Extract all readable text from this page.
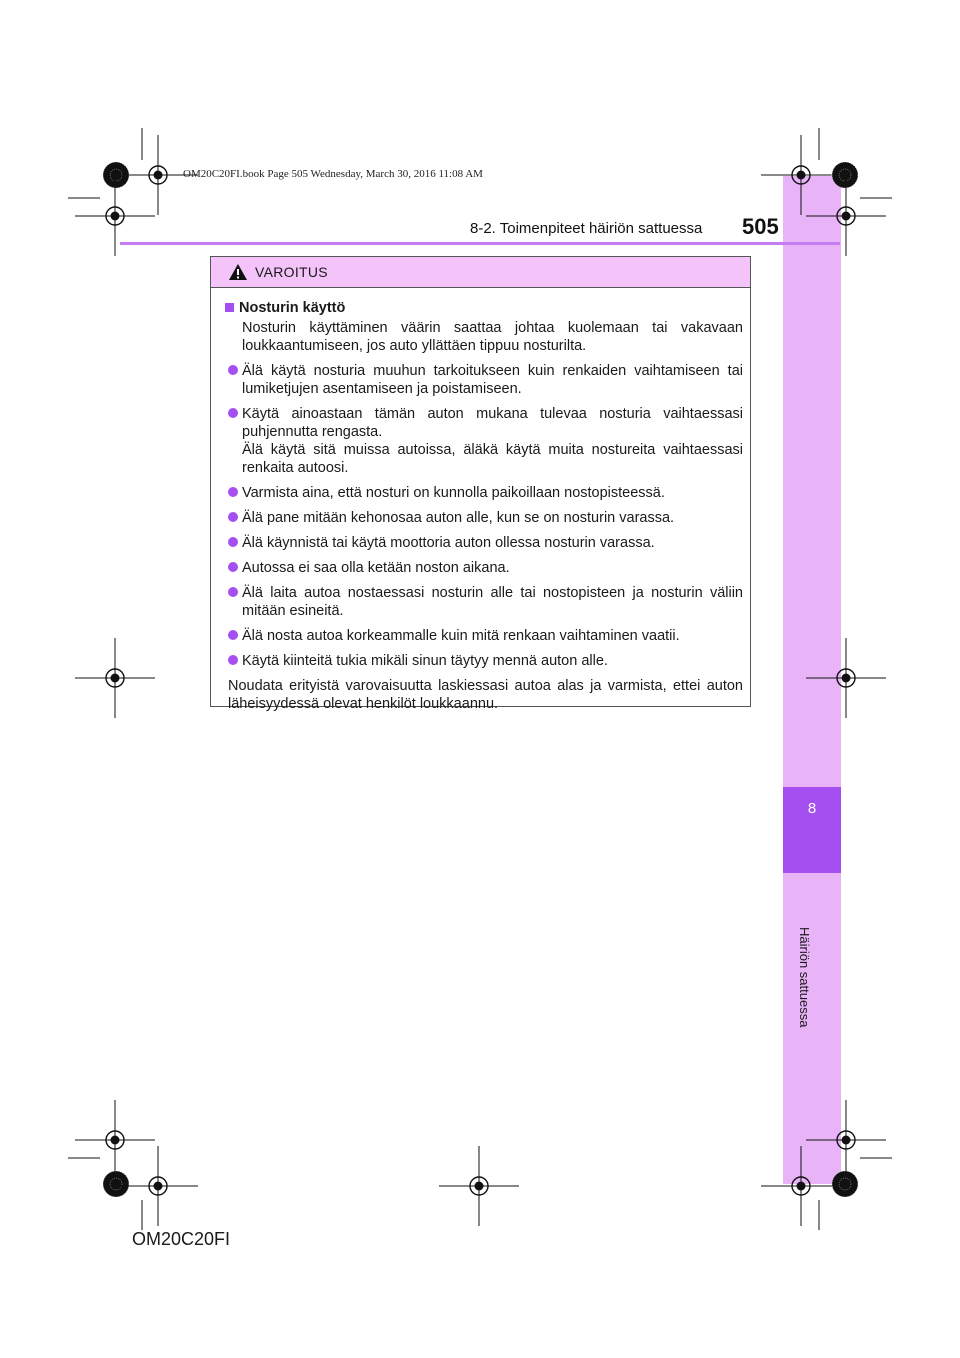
8
Häiriön sattuessa
OM20C20FI.book Page 505 Wednesday, March 30, 2016 11:08 AM
8-2. Toimenpiteet häiriön sattuessa 505
VAROITUS
Nosturin käyttö

Nosturin käyttäminen väärin saattaa johtaa kuolemaan tai vakavaan loukkaantumiseen, jos auto yllättäen tippuu nosturilta.

Älä käytä nosturia muuhun tarkoitukseen kuin renkaiden vaihtamiseen tai lumiketjujen asentamiseen ja poistamiseen.

Käytä ainoastaan tämän auton mukana tulevaa nosturia vaihtaessasi puhjennutta rengasta.

Älä käytä sitä muissa autoissa, äläkä käytä muita nostureita vaihtaessasi renkaita autoosi.

Varmista aina, että nosturi on kunnolla paikoillaan nostopisteessä.

Älä pane mitään kehonosaa auton alle, kun se on nosturin varassa.

Älä käynnistä tai käytä moottoria auton ollessa nosturin varassa.

Autossa ei saa olla ketään noston aikana.

Älä laita autoa nostaessasi nosturin alle tai nostopisteen ja nosturin väliin mitään esineitä.

Älä nosta autoa korkeammalle kuin mitä renkaan vaihtaminen vaatii.

Käytä kiinteitä tukia mikäli sinun täytyy mennä auton alle.

Noudata erityistä varovaisuutta laskiessasi autoa alas ja varmista, ettei auton läheisyydessä olevat henkilöt loukkaannu.
OM20C20FI
